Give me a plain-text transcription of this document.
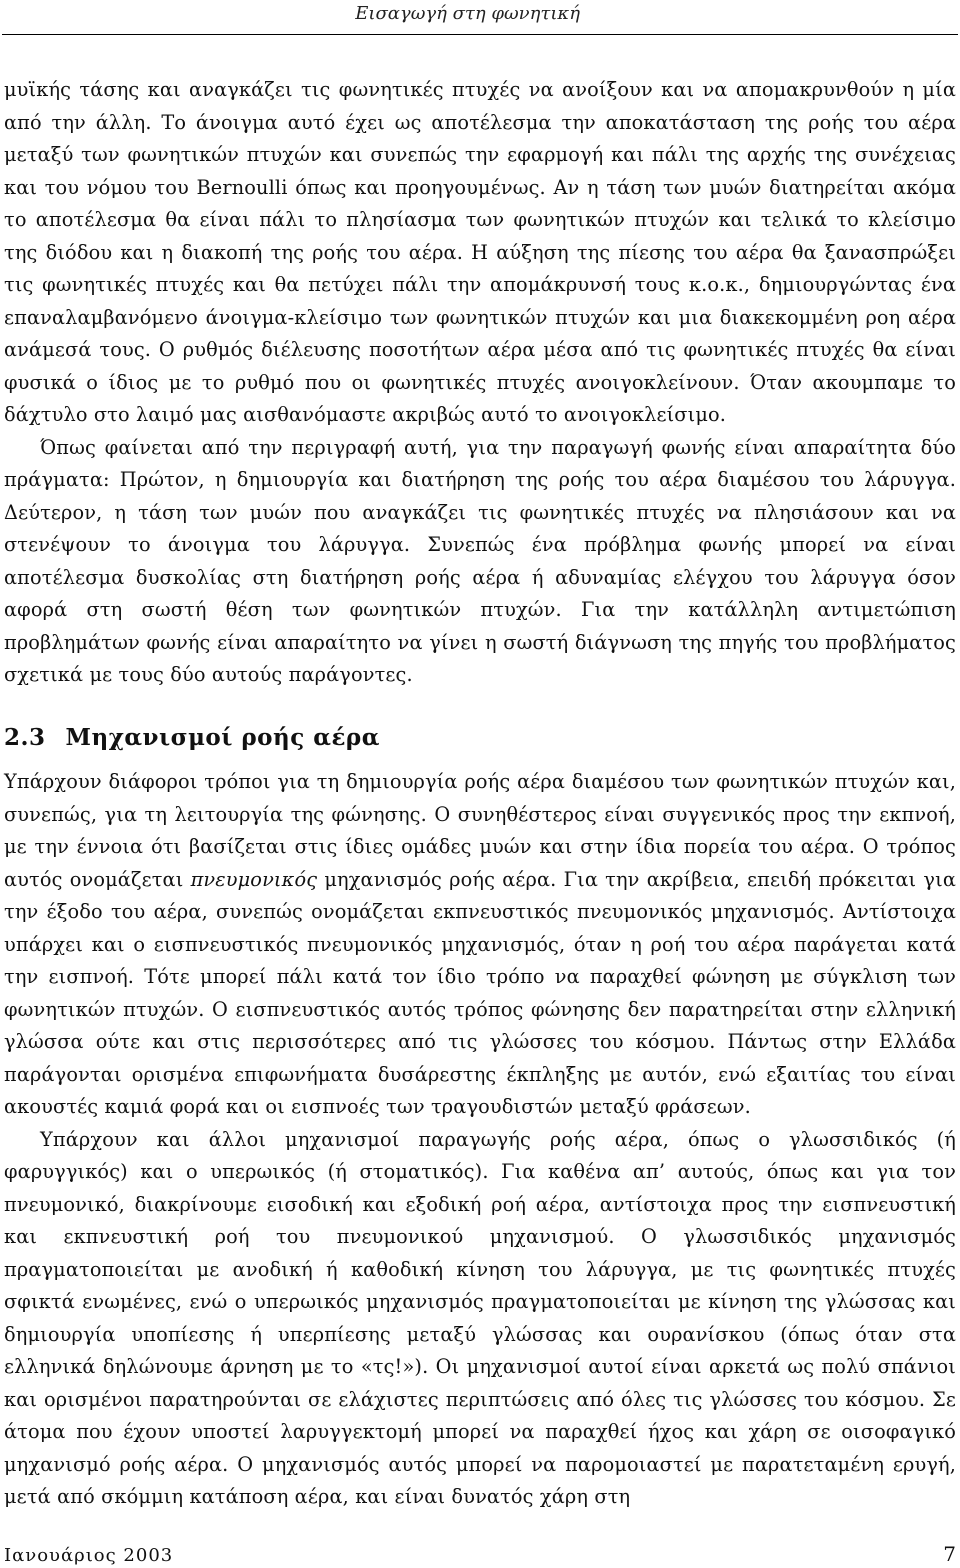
Εισαγωγή στη φωνητική

μυϊκής τάσης και αναγκάζει τις φωνητικές πτυχές να ανοίξουν και να απομακρυνθούν η μία από την άλλη. Το άνοιγμα αυτό έχει ως αποτέλεσμα την αποκατάσταση της ροής του αέρα μεταξύ των φωνητικών πτυχών και συνεπώς την εφαρμογή και πάλι της αρχής της συνέχειας και του νόμου του Bernoulli όπως και προηγουμένως. Αν η τάση των μυών διατηρείται ακόμα το αποτέλεσμα θα είναι πάλι το πλησίασμα των φωνητικών πτυχών και τελικά το κλείσιμο της διόδου και η διακοπή της ροής του αέρα. Η αύξηση της πίεσης του αέρα θα ξανασπρώξει τις φωνητικές πτυχές και θα πετύχει πάλι την απομάκρυνσή τους κ.ο.κ., δημιουργώντας ένα επαναλαμβανόμενο άνοιγμα-κλείσιμο των φωνητικών πτυχών και μια διακεκομμένη ροη αέρα ανάμεσά τους. Ο ρυθμός διέλευσης ποσοτήτων αέρα μέσα από τις φωνητικές πτυχές θα είναι φυσικά ο ίδιος με το ρυθμό που οι φωνητικές πτυχές ανοιγοκλείνουν. Όταν ακουμπαμε το δάχτυλο στο λαιμό μας αισθανόμαστε ακριβώς αυτό το ανοιγοκλείσιμο.

Όπως φαίνεται από την περιγραφή αυτή, για την παραγωγή φωνής είναι απαραίτητα δύο πράγματα: Πρώτον, η δημιουργία και διατήρηση της ροής του αέρα διαμέσου του λάρυγγα. Δεύτερον, η τάση των μυών που αναγκάζει τις φωνητικές πτυχές να πλησιάσουν και να στενέψουν το άνοιγμα του λάρυγγα. Συνεπώς ένα πρόβλημα φωνής μπορεί να είναι αποτέλεσμα δυσκολίας στη διατήρηση ροής αέρα ή αδυναμίας ελέγχου του λάρυγγα όσον αφορά στη σωστή θέση των φωνητικών πτυχών. Για την κατάλληλη αντιμετώπιση προβλημάτων φωνής είναι απαραίτητο να γίνει η σωστή διάγνωση της πηγής του προβλήματος σχετικά με τους δύο αυτούς παράγοντες.

2.3 Μηχανισμοί ροής αέρα

Υπάρχουν διάφοροι τρόποι για τη δημιουργία ροής αέρα διαμέσου των φωνητικών πτυχών και, συνεπώς, για τη λειτουργία της φώνησης. Ο συνηθέστερος είναι συγγενικός προς την εκπνοή, με την έννοια ότι βασίζεται στις ίδιες ομάδες μυών και στην ίδια πορεία του αέρα. Ο τρόπος αυτός ονομάζεται πνευμονικός μηχανισμός ροής αέρα. Για την ακρίβεια, επειδή πρόκειται για την έξοδο του αέρα, συνεπώς ονομάζεται εκπνευστικός πνευμονικός μηχανισμός. Αντίστοιχα υπάρχει και ο εισπνευστικός πνευμονικός μηχανισμός, όταν η ροή του αέρα παράγεται κατά την εισπνοή. Τότε μπορεί πάλι κατά τον ίδιο τρόπο να παραχθεί φώνηση με σύγκλιση των φωνητικών πτυχών. Ο εισπνευστικός αυτός τρόπος φώνησης δεν παρατηρείται στην ελληνική γλώσσα ούτε και στις περισσότερες από τις γλώσσες του κόσμου. Πάντως στην Ελλάδα παράγονται ορισμένα επιφωνήματα δυσάρεστης έκπληξης με αυτόν, ενώ εξαιτίας του είναι ακουστές καμιά φορά και οι εισπνοές των τραγουδιστών μεταξύ φράσεων.

Υπάρχουν και άλλοι μηχανισμοί παραγωγής ροής αέρα, όπως ο γλωσσιδικός (ή φαρυγγικός) και ο υπερωικός (ή στοματικός). Για καθένα απ’ αυτούς, όπως και για τον πνευμονικό, διακρίνουμε εισοδική και εξοδική ροή αέρα, αντίστοιχα προς την εισπνευστική και εκπνευστική ροή του πνευμονικού μηχανισμού. Ο γλωσσιδικός μηχανισμός πραγματοποιείται με ανοδική ή καθοδική κίνηση του λάρυγγα, με τις φωνητικές πτυχές σφικτά ενωμένες, ενώ ο υπερωικός μηχανισμός πραγματοποιείται με κίνηση της γλώσσας και δημιουργία υποπίεσης ή υπερπίεσης μεταξύ γλώσσας και ουρανίσκου (όπως όταν στα ελληνικά δηλώνουμε άρνηση με το «τς!»). Οι μηχανισμοί αυτοί είναι αρκετά ως πολύ σπάνιοι και ορισμένοι παρατηρούνται σε ελάχιστες περιπτώσεις από όλες τις γλώσσες του κόσμου. Σε άτομα που έχουν υποστεί λαρυγγεκτομή μπορεί να παραχθεί ήχος και χάρη σε οισοφαγικό μηχανισμό ροής αέρα. Ο μηχανισμός αυτός μπορεί να παρομοιαστεί με παρατεταμένη ερυγή, μετά από σκόμμιη κατάποση αέρα, και είναι δυνατός χάρη στη

Ιανουάριος 2003	7
